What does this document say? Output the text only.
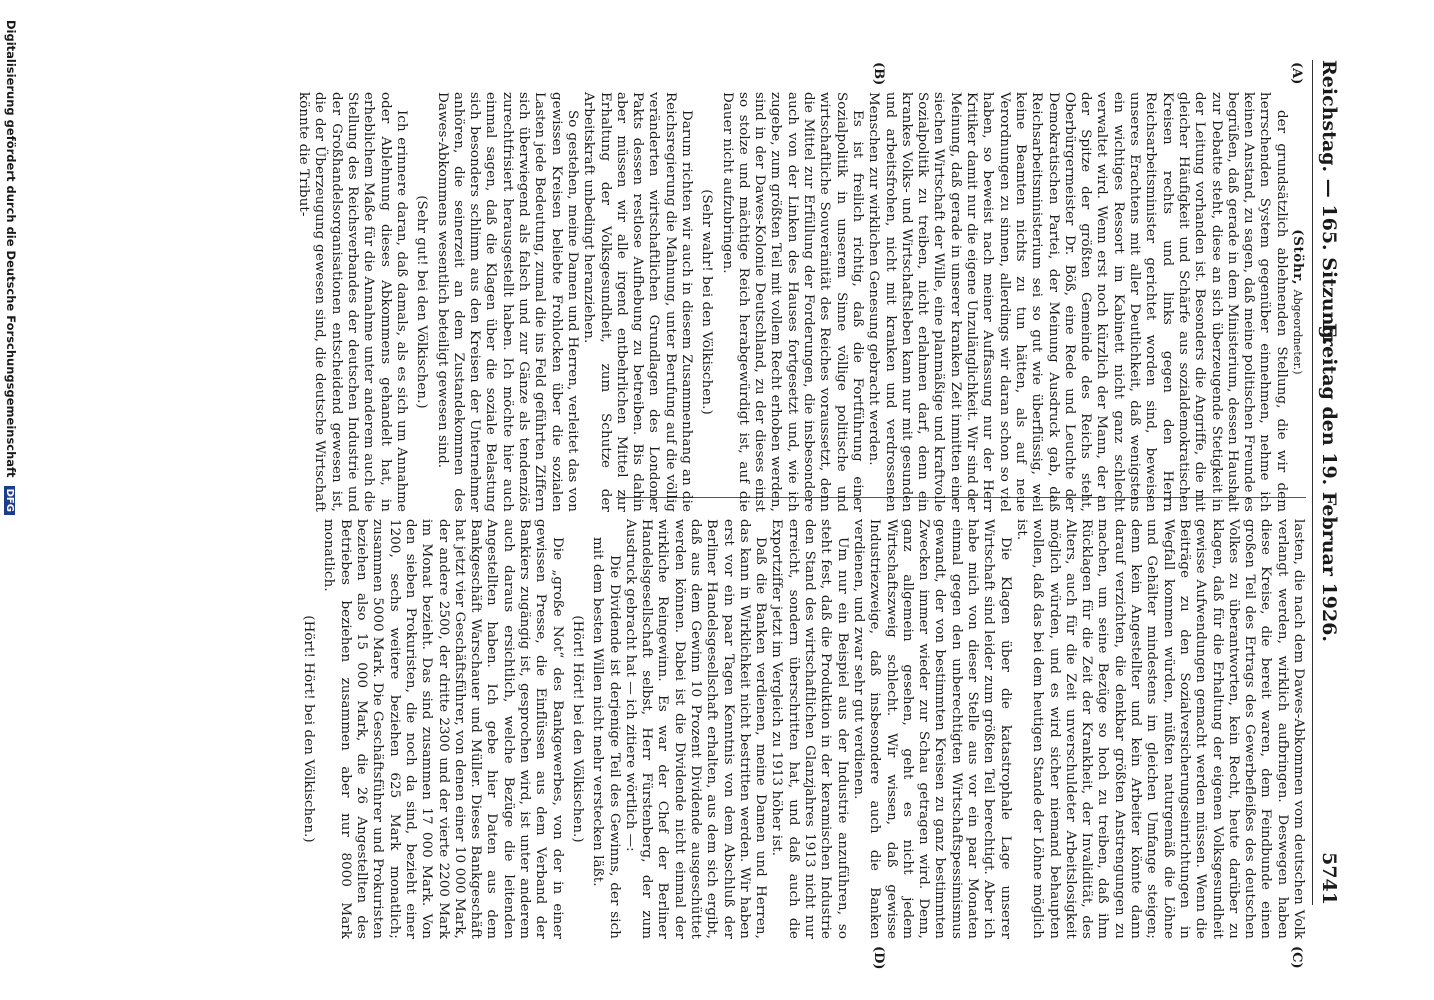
Reichstag. — 165. Sitzung.
Freitag den 19. Februar 1926.
5741
(A)
(B)
(C)
(D)

(Stöhr, Abgeordneter.)

der grundsätzlich ablehnenden Stellung, die wir dem herrschenden System gegenüber einnehmen, nehme ich keinen Anstand, zu sagen, daß meine politischen Freunde es begrüßen, daß gerade in dem Ministerium, dessen Haushalt zur Debatte steht, diese an sich überzeugende Stetigkeit in der Leitung vorhanden ist. Besonders die Angriffe, die mit gleicher Häufigkeit und Schärfe aus sozialdemokratischen Kreisen rechts und links gegen den Herrn Reichsarbeitsminister gerichtet worden sind, beweisen unseres Erachtens mit aller Deutlichkeit, daß wenigstens ein wichtiges Ressort im Kabinett nicht ganz schlecht verwaltet wird. Wenn erst noch kürzlich der Mann, der an der Spitze der größten Gemeinde des Reichs steht, Oberbürgermeister Dr. Böß, eine Rede und Leuchte der Demokratischen Partei, der Meinung Ausdruck gab, daß Reichsarbeitsministerium sei so gut wie überflüssig, weil keine Beamten nichts zu tun hätten, als auf neue Verordnungen zu sinnen, allerdings wir daran schon so viel haben, so beweist nach meiner Auffassung nur der Herr Kritiker damit nur die eigene Unzulänglichkeit. Wir sind der Meinung, daß gerade in unserer kranken Zeit inmitten einer siechen Wirtschaft der Wille, eine planmäßige und kraftvolle Sozialpolitik zu treiben, nicht erlahmen darf, denn ein krankes Volks- und Wirtschaftsleben kann nur mit gesunden und arbeitsfrohen, nicht mit kranken und verdrossenen Menschen zur wirklichen Genesung gebracht werden.

Es ist freilich richtig, daß die Fortführung einer Sozialpolitik in unserem Sinne völlige politische und wirtschaftliche Souveränität des Reiches voraussetzt, denn die Mittel zur Erfüllung der Forderungen, die insbesondere auch von der Linken des Hauses fortgesetzt und, wie ich zugebe, zum größten Teil mit vollem Recht erhoben werden, sind in der Dawes-Kolonie Deutschland, zu der dieses einst so stolze und mächtige Reich herabgewürdigt ist, auf die Dauer nicht aufzubringen.

(Sehr wahr! bei den Völkischen.)

Darum richten wir auch in diesem Zusammenhang an die Reichsregierung die Mahnung, unter Berufung auf die völlig veränderten wirtschaftlichen Grundlagen des Londoner Pakts dessen restlose Aufhebung zu betreiben. Bis dahin aber müssen wir alle irgend entbehrlichen Mittel zur Erhaltung der Volksgesundheit, zum Schutze der Arbeitskraft unbedingt heranziehen.

So gestehen, meine Damen und Herren, verleitet das von gewissen Kreisen beliebte Frohlocken über die sozialen Lasten jede Bedeutung, zumal die ins Feld geführten Ziffern sich überwiegend als falsch und zur Gänze als tendenziös zurechtfrisiert herausgestellt haben. Ich möchte hier auch einmal sagen, daß die Klagen über die soziale Belastung sich besonders schlimm aus den Kreisen der Unternehmer anhören, die seinerzeit an dem Zustandekommen des Dawes-Abkommens wesentlich beteiligt gewesen sind.

(Sehr gut! bei den Völkischen.)

Ich erinnere daran, daß damals, als es sich um Annahme oder Ablehnung dieses Abkommens gehandelt hat, in erheblichem Maße für die Annahme unter anderem auch die Stellung des Reichsverbandes der deutschen Industrie und der Großhandelsorganisationen entscheidend gewesen ist, die der Überzeugung gewesen sind, die deutsche Wirtschaft könnte die Tribut-

lasten, die nach dem Dawes-Abkommen vom deutschen Volk verlangt werden, wirklich aufbringen. Deswegen haben diese Kreise, die bereit waren, dem Feindbunde einen großen Teil des Ertrags des Gewerbefleißes des deutschen Volkes zu überantworten, kein Recht, heute darüber zu klagen, daß für die Erhaltung der eigenen Volksgesundheit gewisse Aufwendungen gemacht werden müssen. Wenn die Beiträge zu den Sozialversicherungseinrichtungen in Wegfall kommen würden, müßten naturgemäß die Löhne und Gehälter mindestens im gleichen Umfange steigen; denn kein Angestellter und kein Arbeiter könnte dann darauf verzichten, die denkbar größten Anstrengungen zu machen, um seine Bezüge so hoch zu treiben, daß ihm Rücklagen für die Zeit der Krankheit, der Invalidität, des Alters, auch für die Zeit unverschuldeter Arbeitslosigkeit möglich würden, und es wird sicher niemand behaupten wollen, daß das bei dem heutigen Stande der Löhne möglich ist.

Die Klagen über die katastrophale Lage unserer Wirtschaft sind leider zum größten Teil berechtigt. Aber ich habe mich von dieser Stelle aus vor ein paar Monaten einmal gegen den unberechtigten Wirtschaftspessimismus gewandt, der von bestimmten Kreisen zu ganz bestimmten Zwecken immer wieder zur Schau getragen wird. Denn, ganz allgemein gesehen, geht es nicht jedem Wirtschaftszweig schlecht. Wir wissen, daß gewisse Industriezweige, daß insbesondere auch die Banken verdienen, und zwar sehr gut verdienen.

Um nur ein Beispiel aus der Industrie anzuführen, so steht fest, daß die Produktion in der keramischen Industrie den Stand des wirtschaftlichen Glanzjahres 1913 nicht nur erreicht, sondern überschritten hat, und daß auch die Exportziffer jetzt im Vergleich zu 1913 höher ist.

Daß die Banken verdienen, meine Damen und Herren, das kann in Wirklichkeit nicht bestritten werden. Wir haben erst vor ein paar Tagen Kenntnis von dem Abschluß der Berliner Handelsgesellschaft erhalten, aus dem sich ergibt, daß aus dem Gewinn 10 Prozent Dividende ausgeschüttet werden können. Dabei ist die Dividende nicht einmal der wirkliche Reingewinn. Es war der Chef der Berliner Handelsgesellschaft selbst, Herr Fürstenberg, der zum Ausdruck gebracht hat — ich zitiere wörtlich —:

Die Dividende ist derjenige Teil des Gewinns, der sich mit dem besten Willen nicht mehr verstecken läßt.

(Hört! Hört! bei den Völkischen.)

Die „große Not“ des Bankgewerbes, von der in einer gewissen Presse, die Einflüssen aus dem Verband der Bankiers zugängig ist, gesprochen wird, ist unter anderem auch daraus ersichtlich, welche Bezüge die leitenden Angestellten haben. Ich gebe hier Daten aus dem Bankgeschäft Warschauer und Müller. Dieses Bankgeschäft hat jetzt vier Geschäftsführer, von denen einer 10 000 Mark, der andere 2500, der dritte 2300 und der vierte 2200 Mark im Monat bezieht. Das sind zusammen 17 000 Mark. Von den sieben Prokuristen, die noch da sind, bezieht einer 1200, sechs weitere beziehen 625 Mark monatlich; zusammen 5000 Mark. Die Geschäftsführer und Prokuristen beziehen also 15 000 Mark, die 26 Angestellten des Betriebes beziehen zusammen aber nur 8000 Mark monatlich.

(Hört! Hört! bei den Völkischen.)

Digitalisierung gefördert durch die Deutsche Forschungsgemeinschaft DFG
